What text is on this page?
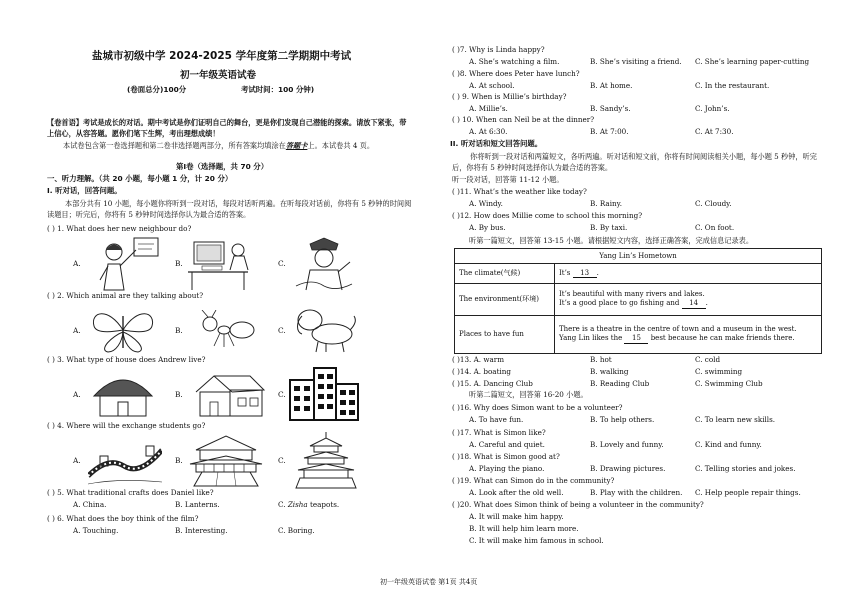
盐城市初级中学 2024-2025 学年度第二学期期中考试
初一年级英语试卷
(卷面总分)100分	考试时间：100 分钟)
【卷首语】考试是成长的对话。期中考试是你们证明自己的舞台，更是你们发现自己潜能的探索。请放下紧张，带上信心，从容答题。愿你们笔下生辉，考出理想成绩！
本试卷包含第一卷选择题和第二卷非选择题两部分，所有答案均填涂在答题卡上。本试卷共 4 页。
第Ⅰ卷（选择题，共 70 分）
一、听力理解。（共 20 小题，每小题 1 分，计 20 分）
I. 听对话，回答问题。
本部分共有 10 小题，每小题你将听到一段对话，每段对话听两遍。在听每段对话前，你将有 5 秒钟的时间阅读题目；听完后，你将有 5 秒钟时间选择你认为最合适的答案。
( ) 1. What does her new neighbour do?
A.	B.	C.
( ) 2. Which animal are they talking about?
A.	B.	C.
( ) 3. What type of house does Andrew live?
A.	B.	C.
( ) 4. Where will the exchange students go?
A.	B.	C.
( ) 5. What traditional crafts does Daniel like?
A. China.	B. Lanterns.	C. Zisha teapots.
( ) 6. What does the boy think of the film?
A. Touching.	B. Interesting.	C. Boring.
( )7. Why is Linda happy?
A. She’s watching a film.	B. She’s visiting a friend. C. She’s learning paper-cutting
( )8. Where does Peter have lunch?
A. At school.	B. At home.	C. In the restaurant.
( ) 9. When is Millie’s birthday?
A. Millie’s.	B. Sandy’s.	C. John’s.
( ) 10. When can Neil be at the dinner?
A. At 6:30.	B. At 7:00.	C. At 7:30.
II. 听对话和短文回答问题。
你将听到一段对话和两篇短文，各听两遍。听对话和短文前，你将有时间阅读相关小题，每小题 5 秒钟，听完后，你将有 5 秒钟时间选择你认为最合适的答案。
听一段对话，回答第 11-12 小题。
( )11. What’s the weather like today?
A. Windy.	B. Rainy.	C. Cloudy.
( )12. How does Millie come to school this morning?
A. By bus.	B. By taxi.	C. On foot.
听第一篇短文，回答第 13-15 小题。请根据短文内容，选择正确答案，完成信息记录表。
Yang Lin’s Hometown	
The climate(气候)	It’s 13 .
The environment(环境)	It’s beautiful with many rivers and lakes.
It’s a good place to go fishing and 14 .

Places to have fun	There is a theatre in the centre of town and a museum in the west.
Yang Lin likes the 15 best because he can make friends there.
( )13. A. warm	B. hot	C. cold
( )14. A. boating	B. walking	C. swimming
( )15. A. Dancing Club	B. Reading Club	C. Swimming Club
听第二篇短文，回答第 16-20 小题。
( )16. Why does Simon want to be a volunteer?
A. To have fun.	B. To help others.	C. To learn new skills.
( )17. What is Simon like?
A. Careful and quiet.	B. Lovely and funny.	C. Kind and funny.
( )18. What is Simon good at?
A. Playing the piano.	B. Drawing pictures.	C. Telling stories and jokes.
( )19. What can Simon do in the community?
A. Look after the old well.	B. Play with the children. C. Help people repair things.
( )20. What does Simon think of being a volunteer in the community?
A. It will make him happy.
B. It will help him learn more.
C. It will make him famous in school.
初一年级英语试卷 第1页 共4页
